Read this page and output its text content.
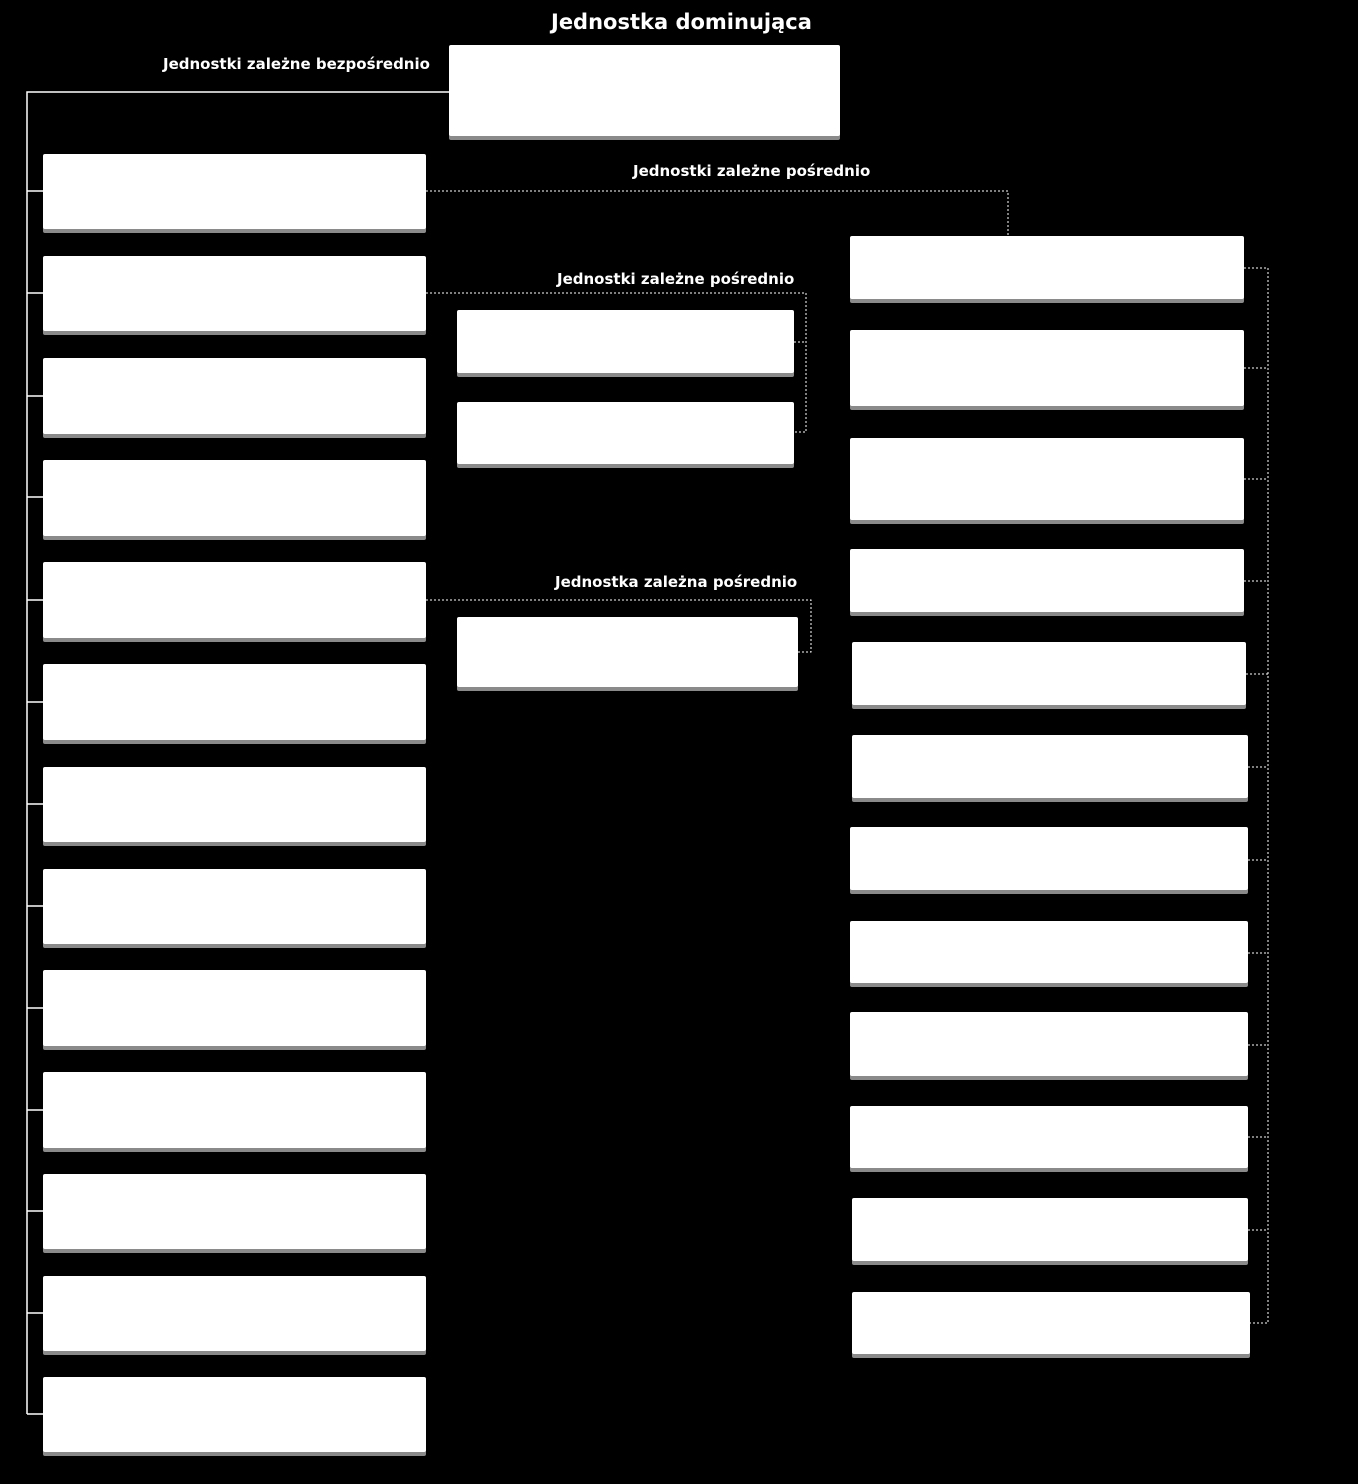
Jednostka dominująca
Jednostki zależne bezpośrednio
Jednostki zależne pośrednio
Jednostki zależne pośrednio
Jednostka zależna pośrednio
